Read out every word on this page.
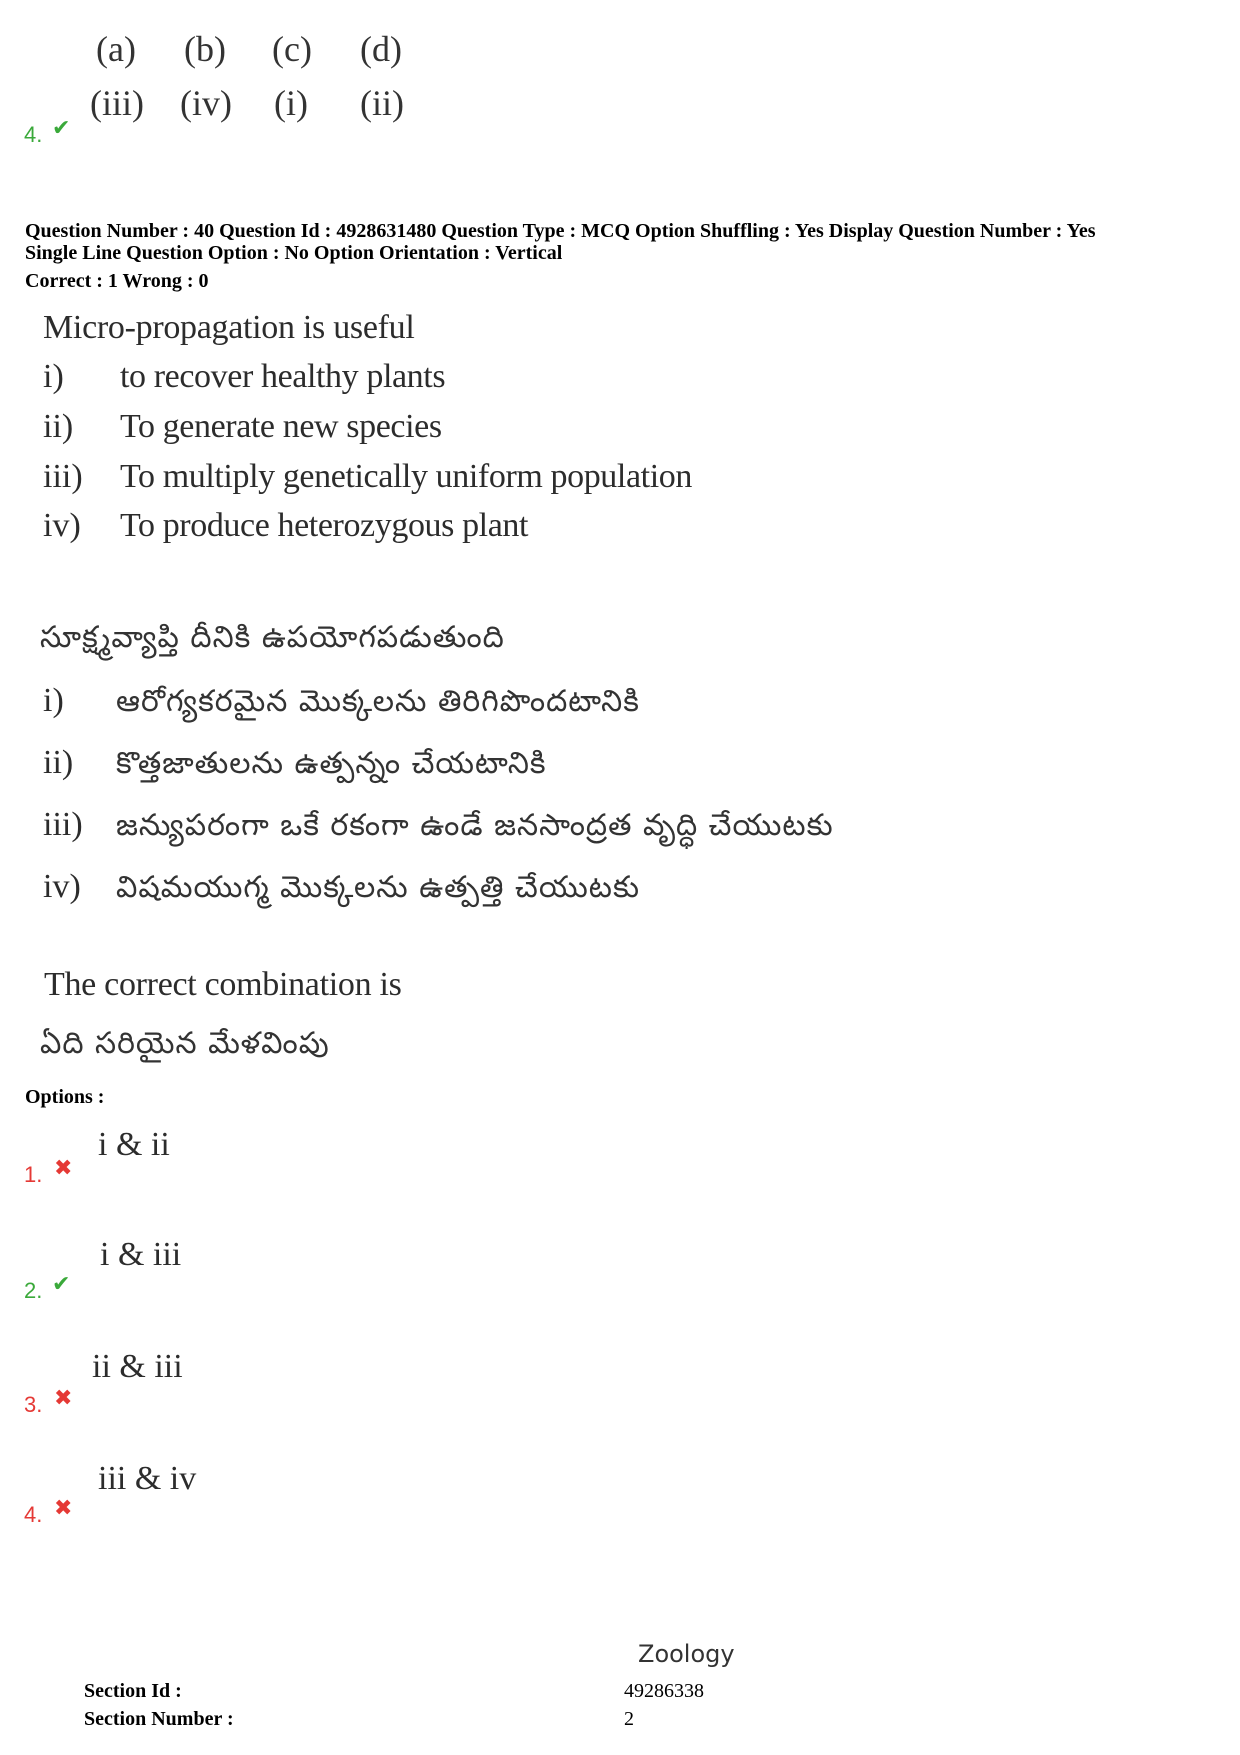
(a)	(b)	(c)	(d)
(iii)	(iv)	(i)	(ii)
4. ✔
Question Number : 40 Question Id : 4928631480 Question Type : MCQ Option Shuffling : Yes Display Question Number : Yes
Single Line Question Option : No Option Orientation : Vertical
Correct : 1 Wrong : 0
Micro-propagation is useful
i) to recover healthy plants
ii) To generate new species
iii) To multiply genetically uniform population
iv) To produce heterozygous plant
సూక్ష్మవ్యాప్తి దీనికి ఉపయోగపడుతుంది
i) ఆరోగ్యకరమైన మొక్కలను తిరిగిపొందటానికి
ii) కొత్తజాతులను ఉత్పన్నం చేయటానికి
iii) జన్యుపరంగా ఒకే రకంగా ఉండే జనసాంద్రత వృద్ధి చేయుటకు
iv) విషమయుగ్మ మొక్కలను ఉత్పత్తి చేయుటకు
The correct combination is
ఏది సరియైన మేళవింపు
Options :
1. ✖
i & ii
2. ✔
i & iii
3. ✖
ii & iii
4. ✖
iii & iv
Zoology
Section Id :	49286338
Section Number :	2
